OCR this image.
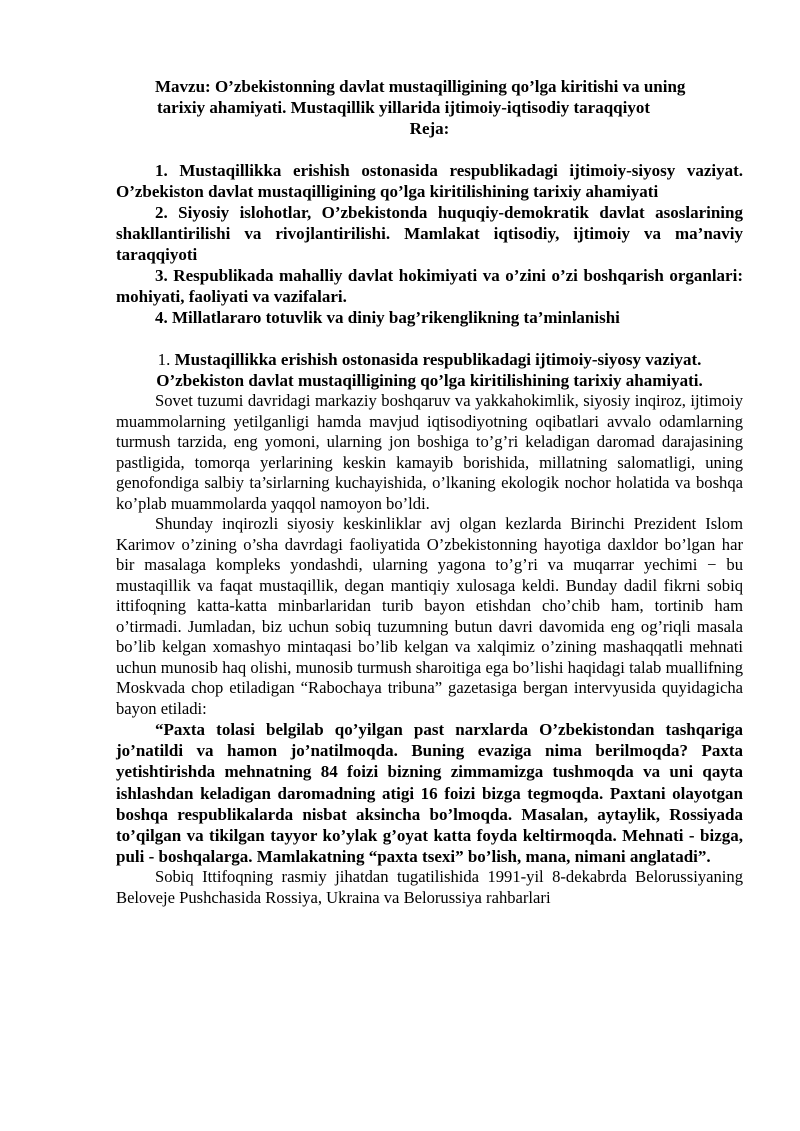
Mavzu: O’zbekistonning davlat mustaqilligining qo’lga kiritishi va uning
tarixiy ahamiyati. Mustaqillik yillarida ijtimoiy-iqtisodiy taraqqiyot

Reja:

1. Mustaqillikka erishish ostonasida respublikadagi ijtimoiy-siyosy vaziyat. O’zbekiston davlat mustaqilligining qo’lga kiritilishining tarixiy ahamiyati

2. Siyosiy islohotlar, O’zbekistonda huquqiy-demokratik davlat asoslarining shakllantirilishi va rivojlantirilishi. Mamlakat iqtisodiy, ijtimoiy va ma’naviy taraqqiyoti

3. Respublikada mahalliy davlat hokimiyati va o’zini o’zi boshqarish organlari: mohiyati, faoliyati va vazifalari.

4. Millatlararo totuvlik va diniy bag’rikenglikning ta’minlanishi

1. Mustaqillikka erishish ostonasida respublikadagi ijtimoiy-siyosy vaziyat. O’zbekiston davlat mustaqilligining qo’lga kiritilishining tarixiy ahamiyati.

Sovet tuzumi davridagi markaziy boshqaruv va yakkahokimlik, siyosiy inqiroz, ijtimoiy muammolarning yetilganligi hamda mavjud iqtisodiyotning oqibatlari avvalo odamlarning turmush tarzida, eng yomoni, ularning jon boshiga to’g’ri keladigan daromad darajasining pastligida, tomorqa yerlarining keskin kamayib borishida, millatning salomatligi, uning genofondiga salbiy ta’sirlarning kuchayishida, o’lkaning ekologik nochor holatida va boshqa ko’plab muammolarda yaqqol namoyon bo’ldi.

Shunday inqirozli siyosiy keskinliklar avj olgan kezlarda Birinchi Prezident Islom Karimov o’zining o’sha davrdagi faoliyatida O’zbekistonning hayotiga daxldor bo’lgan har bir masalaga kompleks yondashdi, ularning yagona to’g’ri va muqarrar yechimi − bu mustaqillik va faqat mustaqillik, degan mantiqiy xulosaga keldi. Bunday dadil fikrni sobiq ittifoqning katta-katta minbarlaridan turib bayon etishdan cho’chib ham, tortinib ham o’tirmadi. Jumladan, biz uchun sobiq tuzumning butun davri davomida eng og’riqli masala bo’lib kelgan xomashyo mintaqasi bo’lib kelgan va xalqimiz o’zining mashaqqatli mehnati uchun munosib haq olishi, munosib turmush sharoitiga ega bo’lishi haqidagi talab muallifning Moskvada chop etiladigan “Rabochaya tribuna” gazetasiga bergan intervyusida quyidagicha bayon etiladi:

“Paxta tolasi belgilab qo’yilgan past narxlarda O’zbekistondan tashqariga jo’natildi va hamon jo’natilmoqda. Buning evaziga nima berilmoqda? Paxta yetishtirishda mehnatning 84 foizi bizning zimmamizga tushmoqda va uni qayta ishlashdan keladigan daromadning atigi 16 foizi bizga tegmoqda. Paxtani olayotgan boshqa respublikalarda nisbat aksincha bo’lmoqda. Masalan, aytaylik, Rossiyada to’qilgan va tikilgan tayyor ko’ylak g’oyat katta foyda keltirmoqda. Mehnati - bizga, puli - boshqalarga. Mamlakatning “paxta tsexi” bo’lish, mana, nimani anglatadi”.

Sobiq Ittifoqning rasmiy jihatdan tugatilishida 1991-yil 8-dekabrda Belorussiyaning Beloveje Pushchasida Rossiya, Ukraina va Belorussiya rahbarlari
